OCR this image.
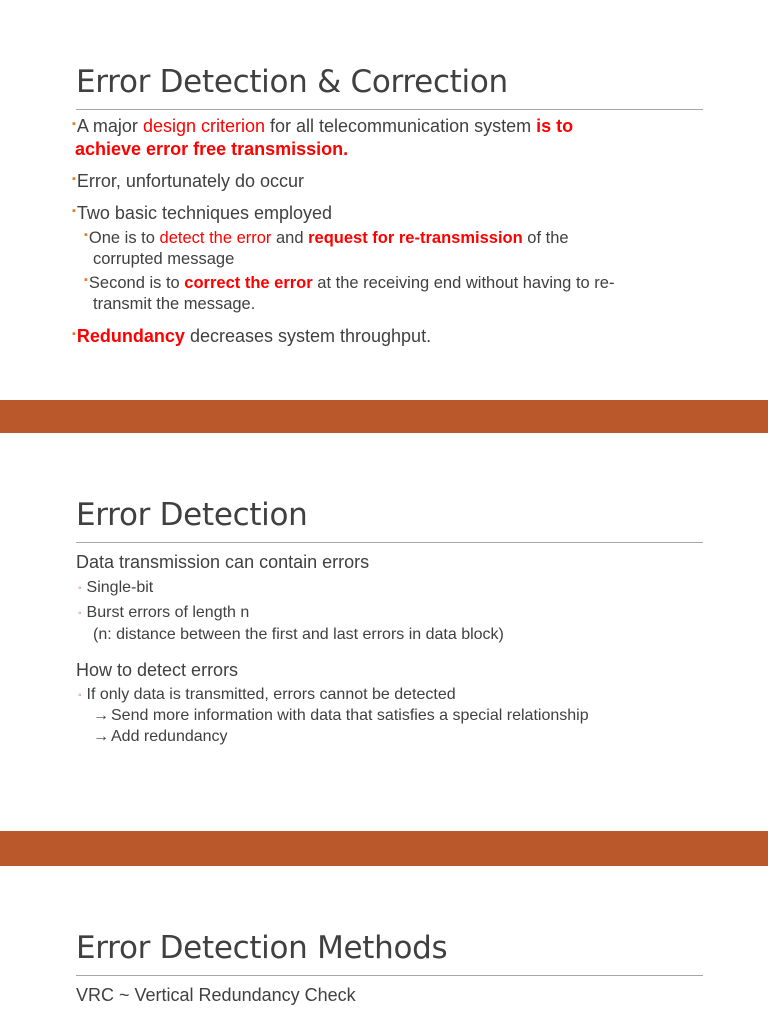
Error Detection & Correction
▪A major design criterion for all telecommunication system is to
achieve error free transmission.
▪Error, unfortunately do occur
▪Two basic techniques employed
▪One is to detect the error and request for re-transmission of the
corrupted message
▪Second is to correct the error at the receiving end without having to re-
transmit the message.
▪Redundancy decreases system throughput.
Error Detection
Data transmission can contain errors
◦ Single-bit
◦ Burst errors of length n
(n: distance between the first and last errors in data block)
How to detect errors
◦ If only data is transmitted, errors cannot be detected
→ Send more information with data that satisfies a special relationship
→ Add redundancy
Error Detection Methods
VRC ~ Vertical Redundancy Check
